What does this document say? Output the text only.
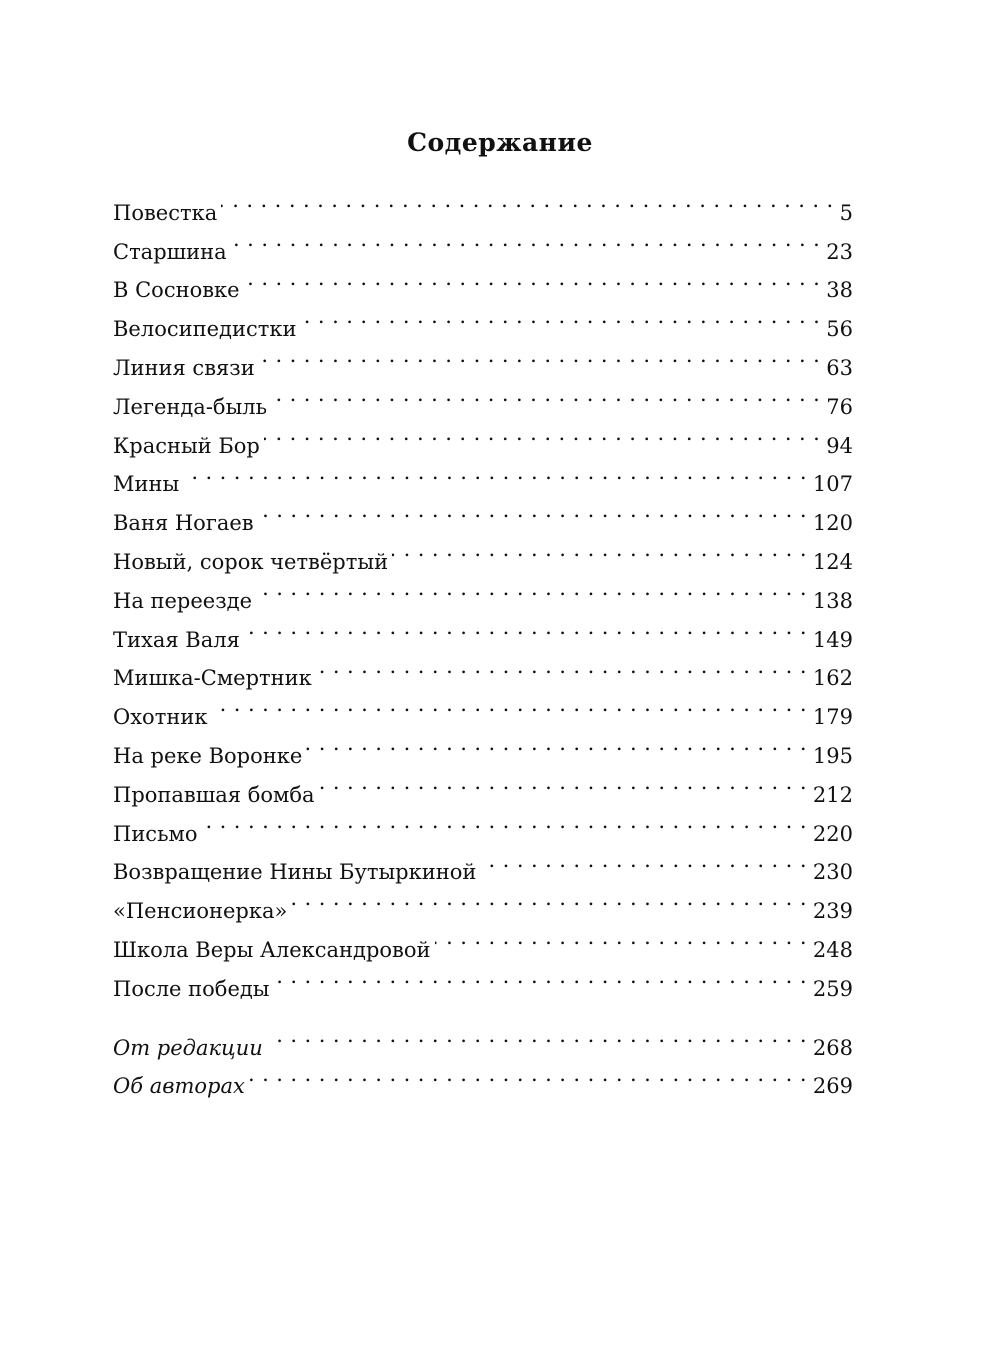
Содержание
Повестка . . .	5
Старшина . . .	23
В Сосновке . . .	38
Велосипедистки . . .	56
Линия связи . . .	63
Легенда-быль . . .	76
Красный Бор . . .	94
Мины . . .	107
Ваня Ногаев . . .	120
Новый, сорок четвёртый . . .	124
На переезде . . .	138
Тихая Валя . . .	149
Мишка-Смертник . . .	162
Охотник . . .	179
На реке Воронке . . .	195
Пропавшая бомба . . .	212
Письмо . . .	220
Возвращение Нины Бутыркиной . . .	230
«Пенсионерка» . . .	239
Школа Веры Александровой . . .	248
После победы . . .	259
От редакции . . .	268
Об авторах . . .	269
